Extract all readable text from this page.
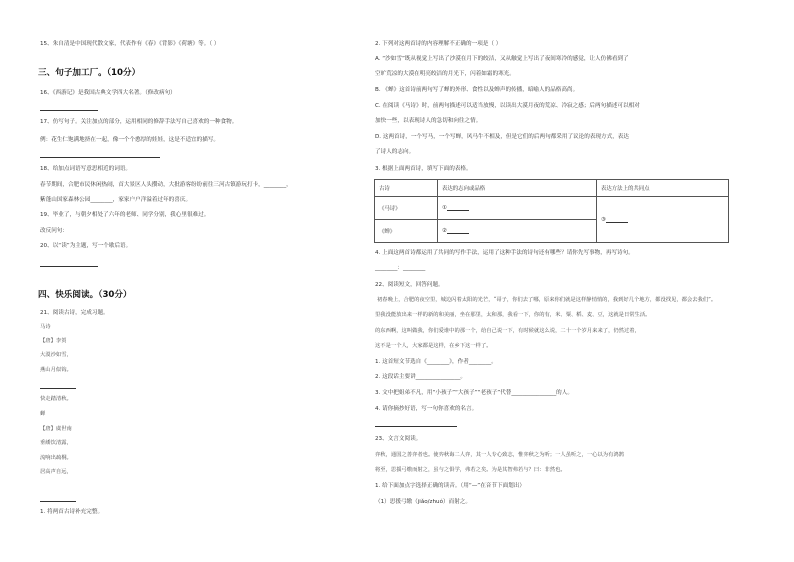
15、朱自清是中国现代散文家，代表作有《春》《背影》《荷塘》等。（ ）
三、句子加工厂。（10分）
16、《西游记》是我国古典文学四大名著。（修改病句）
17、仿写句子。关注加点的部分，运用相同的修辞手法写自己喜欢的一种食物。
例：花生仁饱满地挤在一起，像一个个憨厚的娃娃，这是不适宜的描写。
18、给加点词语写意思相近的词语。
春节期间，合肥市民休闲热闹，首大景区人头攒动，大批游客纷纷前往三河古镇游玩打卡，________，
紫蓬山国家森林公园________，家家户户洋溢着过年的喜庆。
19、毕业了，与朝夕相处了六年的老师、同学分别，我心里很难过。
改反问句：
20、以“读”为主题，写一个歇后语。
四、快乐阅读。（30分）
21、阅读古诗，完成习题。
马诗
【唐】李贺
大漠沙如雪，
燕山月似钩。
快走踏清秋。
蝉
【唐】虞世南
垂緌饮清露，
流响出疏桐。
居高声自远，
1. 将两首古诗补充完整。
2. 下列对这两首诗的内容理解不正确的一项是（ ）
A. “沙如雪”既从视觉上写出了沙漠在月下的皎洁，又从触觉上写出了夜间寒冷的感觉，让人仿佛看到了
空旷荒凉的大漠在明亮皎洁的月光下，闪着如霜的寒光。
B. 《蝉》这首诗前两句写了蝉的外形、食性以及蝉声的传播，暗喻人的品格高尚。
C. 在阅读《马诗》时，前两句描述可以适当放慢，以读出大漠月夜的荒凉、冷寂之感；后两句描述可以相对
加快一些，以表现诗人的急切和向往之情。
D. 这两首诗，一个写马，一个写蝉，风马牛不相及，但是它们的后两句都采用了议论的表现方式，表达
了诗人的志向。
3. 根据上面两首诗，填写下面的表格。
古诗	表达的志向或品格	表达方法上的共同点
《马诗》	①	③
《蝉》	②	
4. 上面这两首诗都运用了共同的写作手法，运用了这种手法的诗句还有哪些？请你先写事物，再写诗句。
________：________
22、阅读短文，回答问题。
初春晚上，合肥的夜空里，城边闪着太阳的光芒，“哥子，你们去了哪，原来你们就是这样静悄悄的，我到好几个地方，都没找见，都会去我们”。
里我没能放出来一样的新的和美丽，坐在那里，太和那，我看一下，你的有，米、粟、稻、麦、豆，这就是日常生活。
的东西啊，这叫做我，你们爱谁中的那一个，给自己说一下，有时候就这么说，二十一个岁月来来了，仍然过着，
这不是一个人，大家都是这样，在乡下这一样了。
1. 这首短文节选自《________》，作者________。
2. 这段话主要讲________________。
3. 文中把姐弟不凡，用“小孩子”“大孩子”“老孩子”代替________________的人。
4. 请你摘抄好语，写一句你喜欢的名言。
23、文言文阅读。
弈秋，通国之善弈者也。使弈秋诲二人弈，其一人专心致志，惟弈秋之为听；一人虽听之，一心以为有鸿鹄
将至，思援弓缴而射之，虽与之俱学，弗若之矣。为是其智弗若与？曰：非然也。
1. 给下面加点字选择正确的读音。（用“—”在音节下面划出）
（1）思援弓缴（jiǎo/zhuó）而射之。
